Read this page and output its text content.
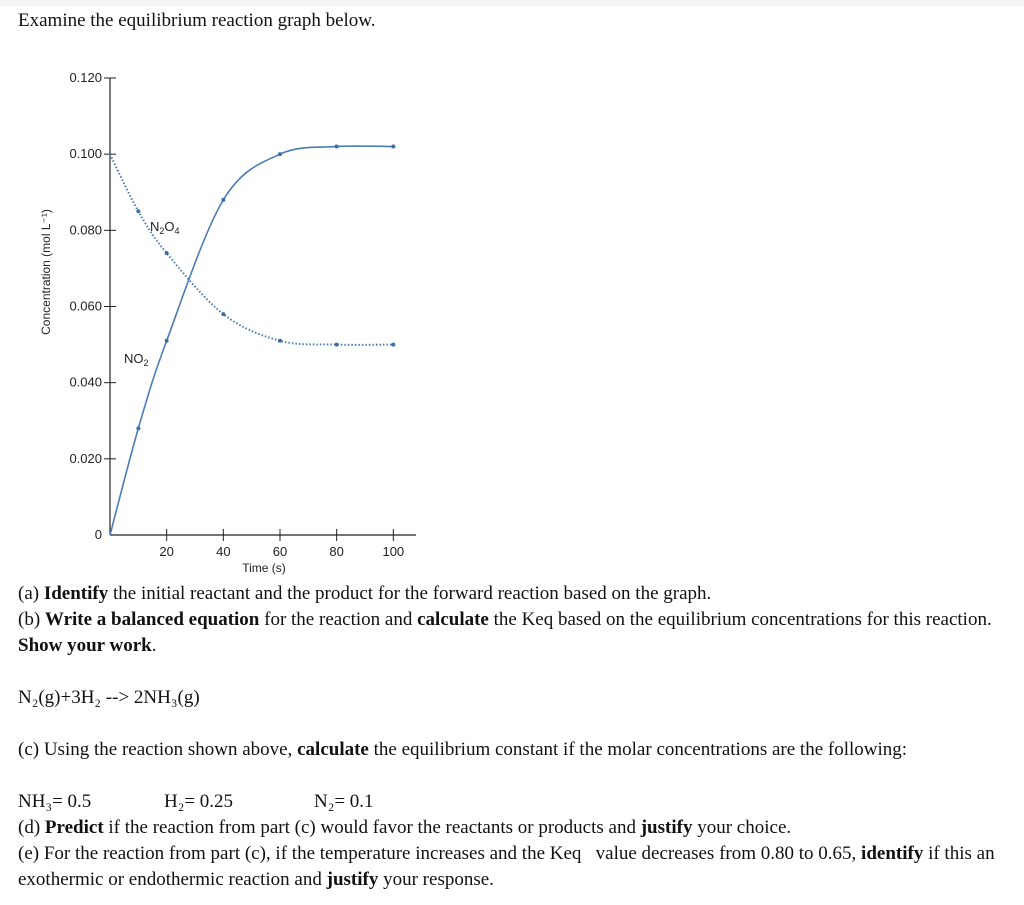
Examine the equilibrium reaction graph below.
0.120
0.100
0.080
0.060
0.040
0.020
0
20	40	60	80	100
Concentration (mol L⁻¹)
Time (s)
$N_2O_4$
$NO_2$

(a) Identify the initial reactant and the product for the forward reaction based on the graph.

(b) Write a balanced equation for the reaction and calculate the Keq based on the equilibrium concentrations for this reaction. Show your work.

N₂(g)+3H₂ --> 2NH₃(g)

(c) Using the reaction shown above, calculate the equilibrium constant if the molar concentrations are the following:

NH₃= 0.5	H₂= 0.25	N₂= 0.1

(d) Predict if the reaction from part (c) would favor the reactants or products and justify your choice.

(e) For the reaction from part (c), if the temperature increases and the Keq   value decreases from 0.80 to 0.65, identify if this an exothermic or endothermic reaction and justify your response.
